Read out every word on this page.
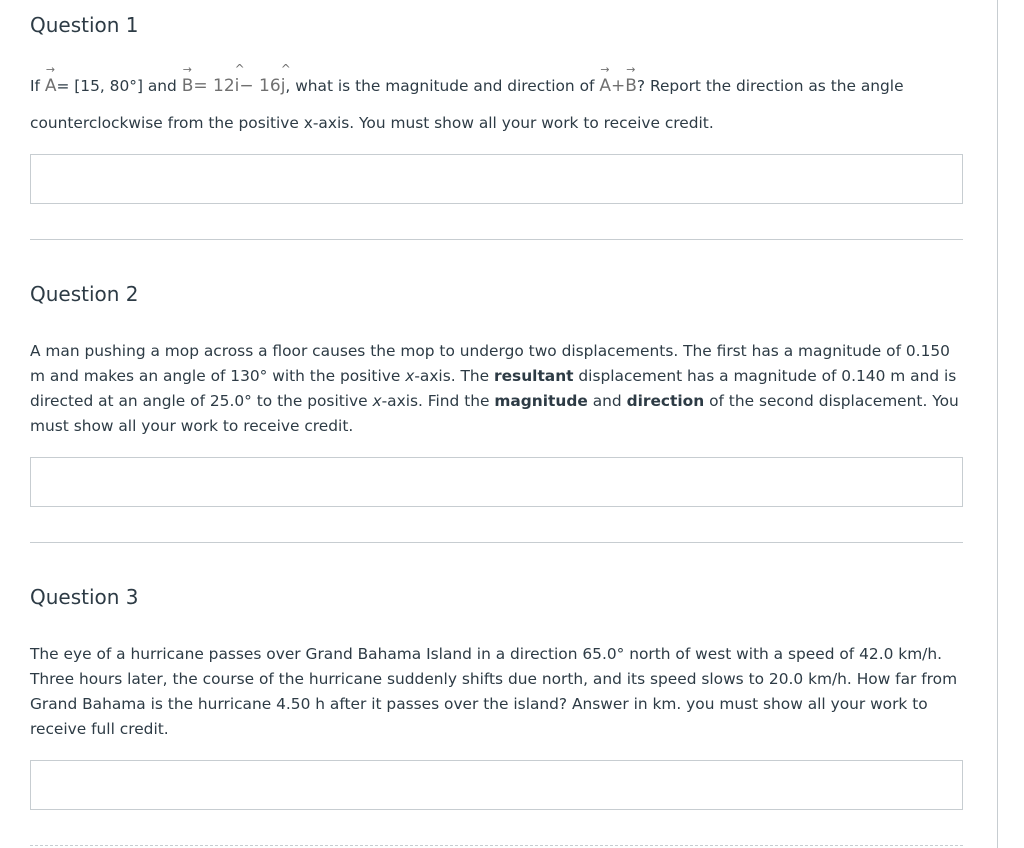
Question 1

If
→
A= [15, 80°] and
→
B= 12
^
i− 16
^
j, what is the magnitude and direction of
→
A+
→
B? Report the direction as the angle

counterclockwise from the positive x-axis. You must show all your work to receive credit.

Question 2

A man pushing a mop across a floor causes the mop to undergo two displacements. The first has a magnitude of 0.150 m and makes an angle of 130° with the positive x-axis. The resultant displacement has a magnitude of 0.140 m and is directed at an angle of 25.0° to the positive x-axis. Find the magnitude and direction of the second displacement. You must show all your work to receive credit.

Question 3

The eye of a hurricane passes over Grand Bahama Island in a direction 65.0° north of west with a speed of 42.0 km/h. Three hours later, the course of the hurricane suddenly shifts due north, and its speed slows to 20.0 km/h. How far from Grand Bahama is the hurricane 4.50 h after it passes over the island? Answer in km. you must show all your work to receive full credit.
